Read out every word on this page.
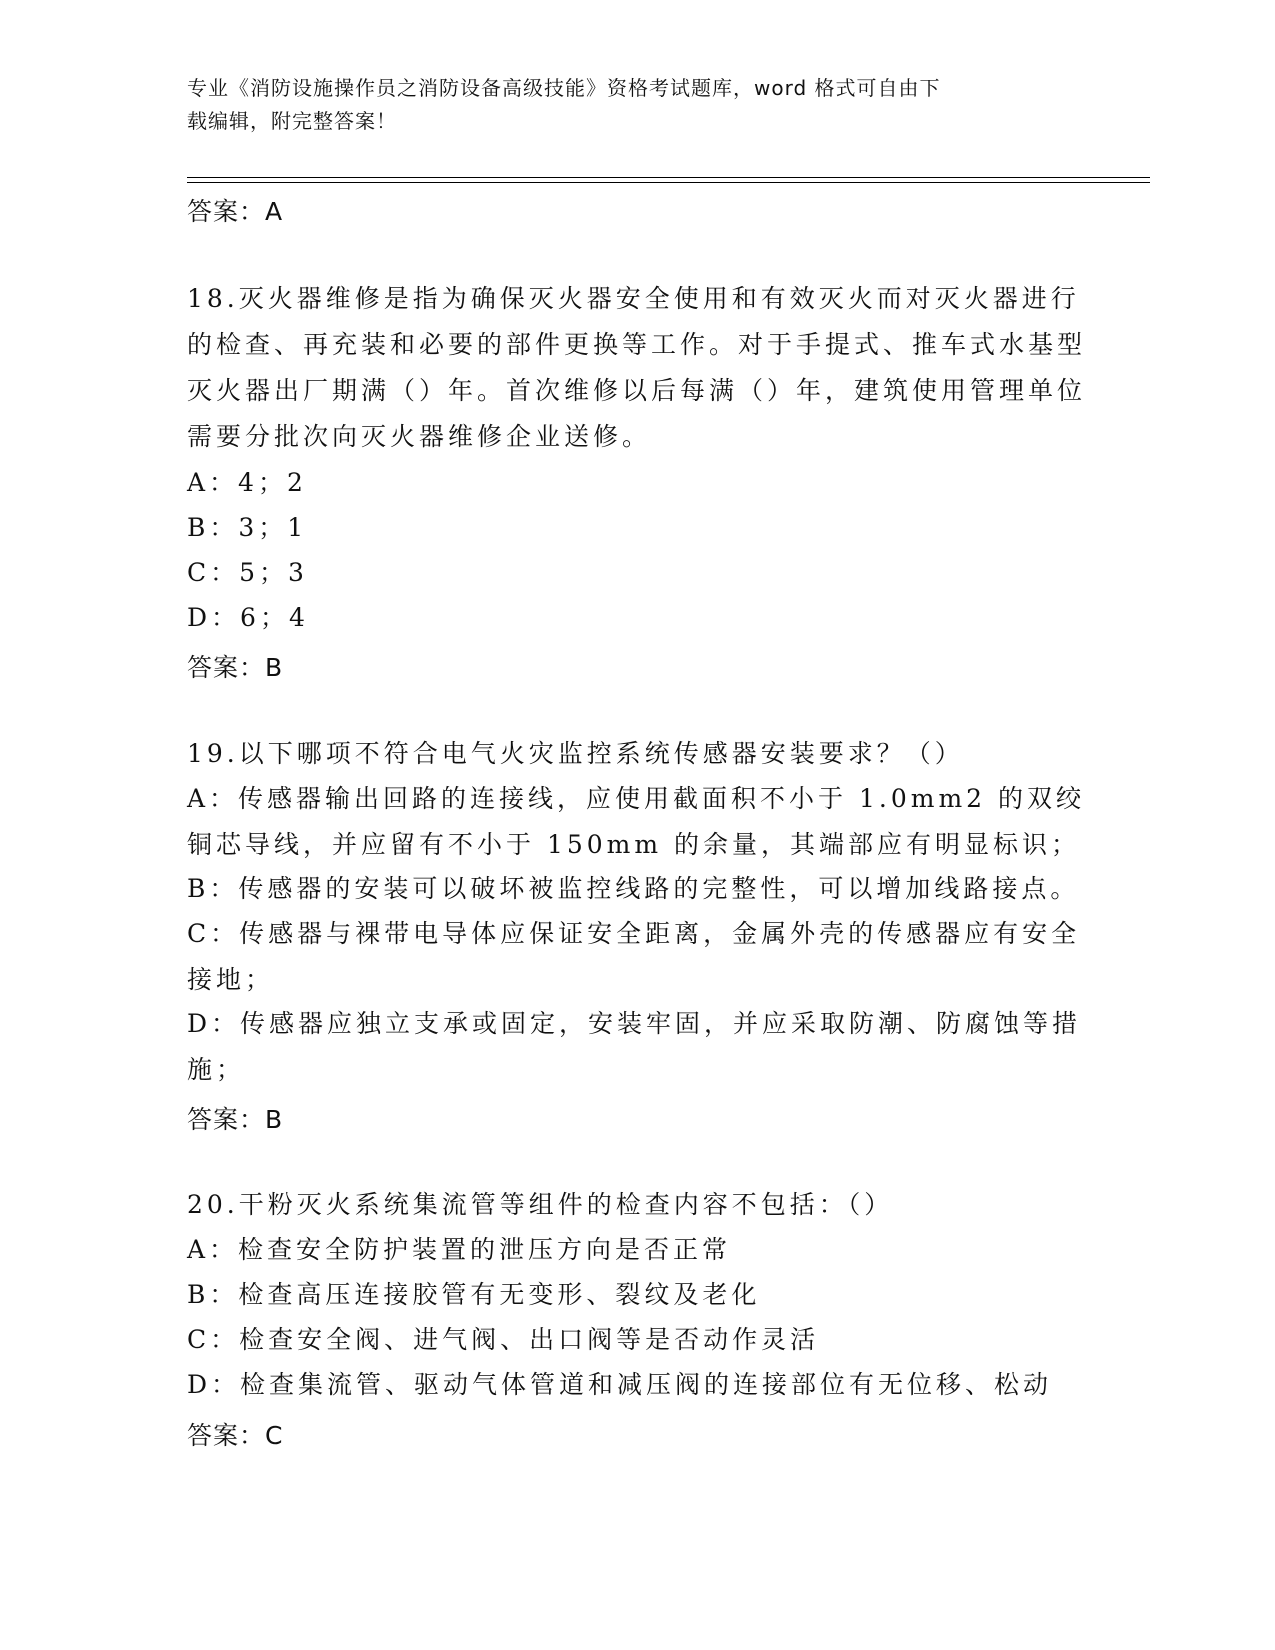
专业《消防设施操作员之消防设备高级技能》资格考试题库，word 格式可自由下
载编辑，附完整答案！
答案：A
18.灭火器维修是指为确保灭火器安全使用和有效灭火而对灭火器进行的检查、再充装和必要的部件更换等工作。对于手提式、推车式水基型灭火器出厂期满（）年。首次维修以后每满（）年，建筑使用管理单位需要分批次向灭火器维修企业送修。
A：4；2
B：3；1
C：5；3
D：6；4
答案：B
19.以下哪项不符合电气火灾监控系统传感器安装要求？（）
A：传感器输出回路的连接线，应使用截面积不小于 1.0mm2 的双绞铜芯导线，并应留有不小于 150mm 的余量，其端部应有明显标识；
B：传感器的安装可以破坏被监控线路的完整性，可以增加线路接点。
C：传感器与裸带电导体应保证安全距离，金属外壳的传感器应有安全接地；
D：传感器应独立支承或固定，安装牢固，并应采取防潮、防腐蚀等措施；
答案：B
20.干粉灭火系统集流管等组件的检查内容不包括：（）
A：检查安全防护装置的泄压方向是否正常
B：检查高压连接胶管有无变形、裂纹及老化
C：检查安全阀、进气阀、出口阀等是否动作灵活
D：检查集流管、驱动气体管道和减压阀的连接部位有无位移、松动
答案：C
